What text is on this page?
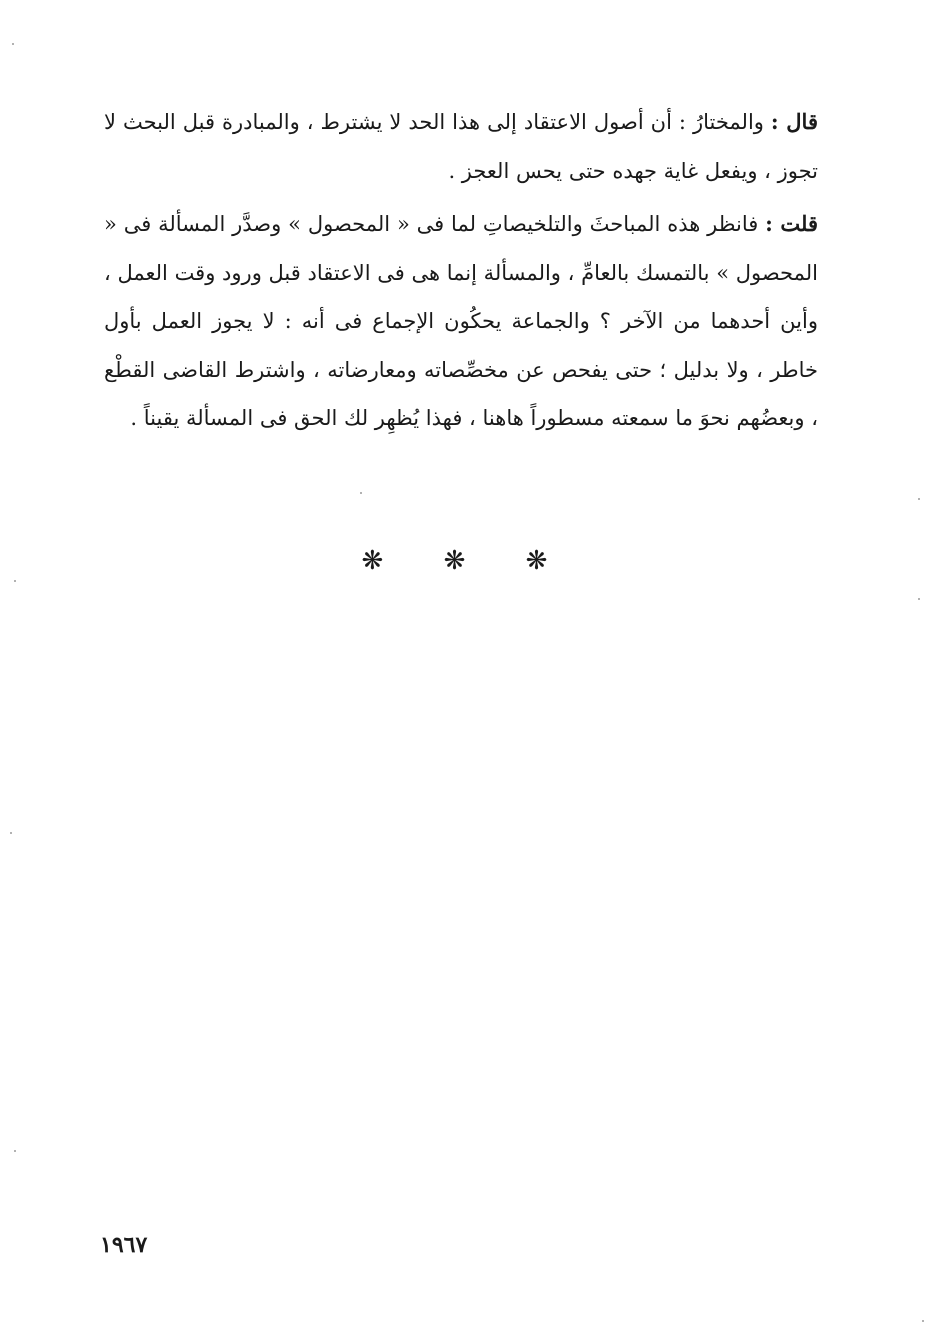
قال : والمختارُ : أن أصول الاعتقاد إلى هذا الحد لا يشترط ، والمبادرة قبل البحث لا تجوز ، ويفعل غاية جهده حتى يحس العجز .

قلت : فانظر هذه المباحثَ والتلخيصاتِ لما فى « المحصول » وصدَّر المسألة فى « المحصول » بالتمسك بالعامِّ ، والمسألة إنما هى فى الاعتقاد قبل ورود وقت العمل ، وأين أحدهما من الآخر ؟ والجماعة يحكُون الإجماع فى أنه : لا يجوز العمل بأول خاطر ، ولا بدليل ؛ حتى يفحص عن مخصِّصاته ومعارضاته ، واشترط القاضى القطْع ، وبعضُهم نحوَ ما سمعته مسطوراً هاهنا ، فهذا يُظهِر لك الحق فى المسألة يقيناً .

❋ ❋ ❋
١٩٦٧
